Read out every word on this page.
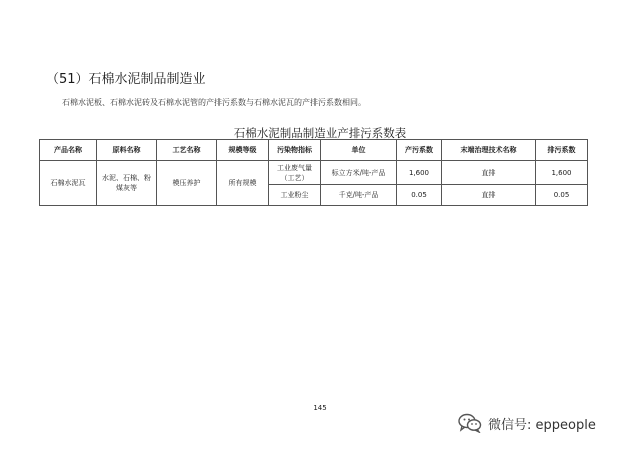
（51）石棉水泥制品制造业
石棉水泥板、石棉水泥砖及石棉水泥管的产排污系数与石棉水泥瓦的产排污系数相同。
石棉水泥制品制造业产排污系数表
产品名称	原料名称	工艺名称	规模等级	污染物指标	单位	产污系数	末端治理技术名称	排污系数
石棉水泥瓦	水泥、石棉、粉煤灰等	模压养护	所有规模	工业废气量（工艺）	标立方米/吨-产品	1,600	直排	1,600
				工业粉尘	千克/吨-产品	0.05	直排	0.05
145
微信号: eppeople
